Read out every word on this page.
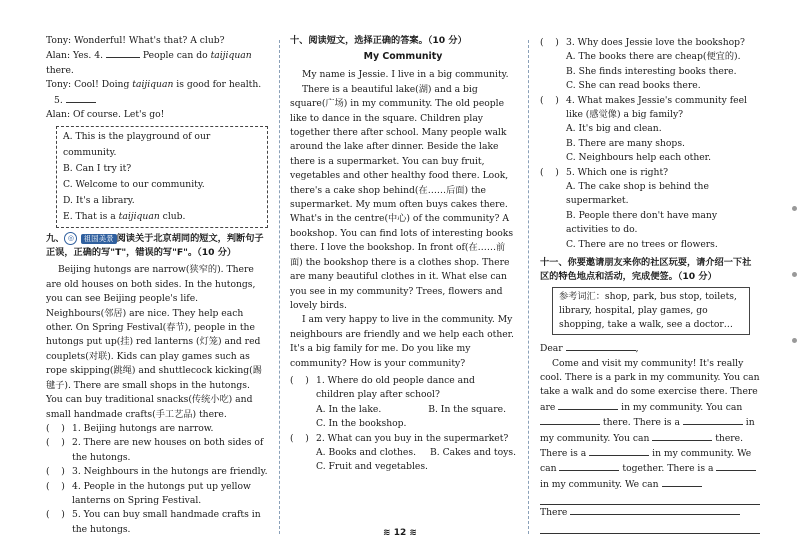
Tony: Wonderful! What's that? A club?

Alan: Yes. 4.	People can do taijiquan there.

Tony: Cool! Doing taijiquan is good for health.

5.

Alan: Of course. Let's go!

A. This is the playground of our community.

B. Can I try it?

C. Welcome to our community.

D. It's a library.

E. That is a taijiquan club.

九、 ◎ 祖国美景 阅读关于北京胡同的短文，判断句子正误，正确的写"T"，错误的写"F"。（10 分）

Beijing hutongs are narrow(狭窄的). There are old houses on both sides. In the hutongs, you can see Beijing people's life. Neighbours(邻居) are nice. They help each other. On Spring Festival(春节), people in the hutongs put up(挂) red lanterns (灯笼) and red couplets(对联). Kids can play games such as rope skipping(跳绳) and shuttlecock kicking(踢毽子). There are small shops in the hutongs. You can buy traditional snacks(传统小吃) and small handmade crafts(手工艺品) there.

(    ) 1. Beijing hutongs are narrow.
(    ) 2. There are new houses on both sides of the hutongs.
(    ) 3. Neighbours in the hutongs are friendly.
(    ) 4. People in the hutongs put up yellow lanterns on Spring Festival.
(    ) 5. You can buy small handmade crafts in the hutongs.

十、阅读短文，选择正确的答案。（10 分）

My Community

My name is Jessie. I live in a big community.

There is a beautiful lake(湖) and a big square(广场) in my community. The old people like to dance in the square. Children play together there after school. Many people walk around the lake after dinner. Beside the lake there is a supermarket. You can buy fruit, vegetables and other healthy food there. Look, there's a cake shop behind(在……后面) the supermarket. My mum often buys cakes there. What's in the centre(中心) of the community? A bookshop. You can find lots of interesting books there. I love the bookshop. In front of(在……前面) the bookshop there is a clothes shop. There are many beautiful clothes in it. What else can you see in my community? Trees, flowers and lovely birds.

I am very happy to live in the community. My neighbours are friendly and we help each other. It's a big family for me. Do you like my community? How is your community?

(    ) 1. Where do old people dance and children play after school?
A. In the lake.	B. In the square.

C. In the bookshop.

(    ) 2. What can you buy in the supermarket?
A. Books and clothes. B. Cakes and toys.

C. Fruit and vegetables.

(    ) 3. Why does Jessie love the bookshop?

A. The books there are cheap(便宜的).

B. She finds interesting books there.

C. She can read books there.

(    ) 4. What makes Jessie's community feel like (感觉像) a big family?

A. It's big and clean.

B. There are many shops.

C. Neighbours help each other.

(    ) 5. Which one is right?

A. The cake shop is behind the supermarket.

B. People there don't have many activities to do.

C. There are no trees or flowers.

十一、你要邀请朋友来你的社区玩耍，请介绍一下社区的特色地点和活动，完成便签。（10 分）

参考词汇：shop, park, bus stop, toilets, library, hospital, play games, go shopping, take a walk, see a doctor…

Dear	,

Come and visit my community! It's really cool. There is a park in my community. You can take a walk and do some exercise there. There are	in my community. You can  there. There is a	in my community. You can	there. There is a	in my community. We can	together. There is a  in my community. We can

There

≋ 12 ≋
